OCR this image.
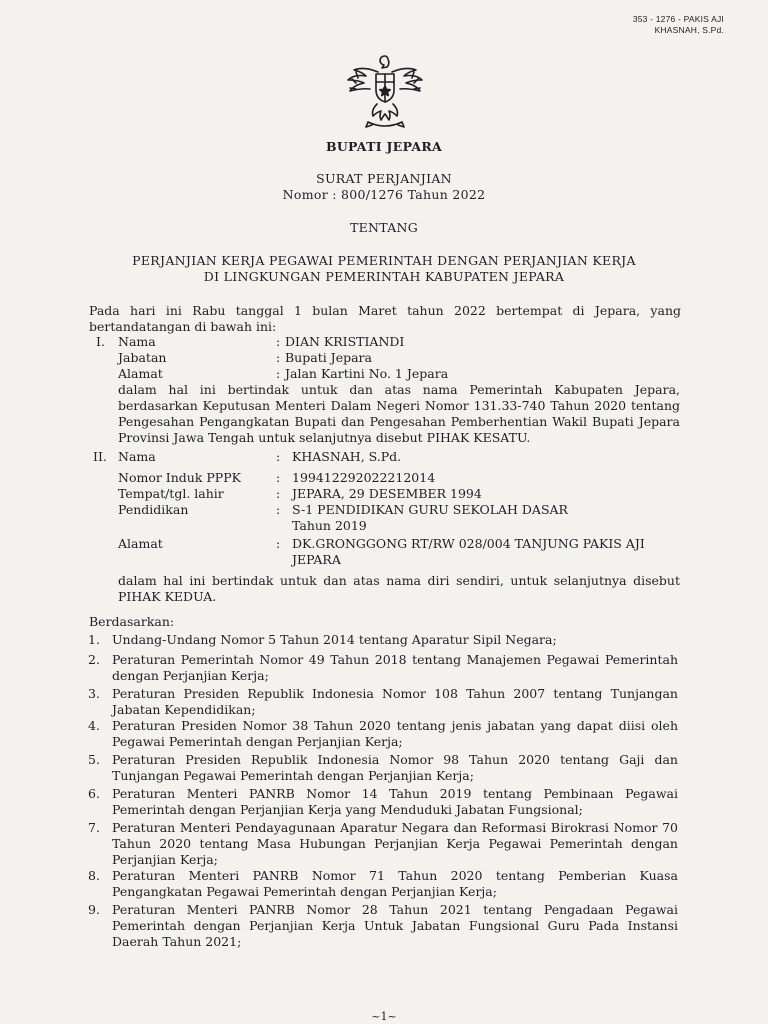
353 - 1276 - PAKIS AJI
KHASNAH, S.Pd.
BUPATI JEPARA
SURAT PERJANJIAN
Nomor : 800/1276 Tahun 2022
TENTANG
PERJANJIAN KERJA PEGAWAI PEMERINTAH DENGAN PERJANJIAN KERJA
DI LINGKUNGAN PEMERINTAH KABUPATEN JEPARA
Pada hari ini Rabu tanggal 1 bulan Maret tahun 2022 bertempat di Jepara, yang bertandatangan di bawah ini:
I. Nama	: DIAN KRISTIANDI
Jabatan	: Bupati Jepara
Alamat	: Jalan Kartini No. 1 Jepara
dalam hal ini bertindak untuk dan atas nama Pemerintah Kabupaten Jepara, berdasarkan Keputusan Menteri Dalam Negeri Nomor 131.33-740 Tahun 2020 tentang Pengesahan Pengangkatan Bupati dan Pengesahan Pemberhentian Wakil Bupati Jepara Provinsi Jawa Tengah untuk selanjutnya disebut PIHAK KESATU.
II. Nama	: KHASNAH, S.Pd.
Nomor Induk PPPK	: 199412292022212014
Tempat/tgl. lahir	: JEPARA, 29 DESEMBER 1994
Pendidikan	: S-1 PENDIDIKAN GURU SEKOLAH DASAR
Tahun 2019
Alamat	: DK.GRONGGONG RT/RW 028/004 TANJUNG PAKIS AJI
JEPARA
dalam hal ini bertindak untuk dan atas nama diri sendiri, untuk selanjutnya disebut PIHAK KEDUA.
Berdasarkan:
1. Undang-Undang Nomor 5 Tahun 2014 tentang Aparatur Sipil Negara;
2. Peraturan Pemerintah Nomor 49 Tahun 2018 tentang Manajemen Pegawai Pemerintah dengan Perjanjian Kerja;
3. Peraturan Presiden Republik Indonesia Nomor 108 Tahun 2007 tentang Tunjangan Jabatan Kependidikan;
4. Peraturan Presiden Nomor 38 Tahun 2020 tentang jenis jabatan yang dapat diisi oleh Pegawai Pemerintah dengan Perjanjian Kerja;
5. Peraturan Presiden Republik Indonesia Nomor 98 Tahun 2020 tentang Gaji dan Tunjangan Pegawai Pemerintah dengan Perjanjian Kerja;
6. Peraturan Menteri PANRB Nomor 14 Tahun 2019 tentang Pembinaan Pegawai Pemerintah dengan Perjanjian Kerja yang Menduduki Jabatan Fungsional;
7. Peraturan Menteri Pendayagunaan Aparatur Negara dan Reformasi Birokrasi Nomor 70 Tahun 2020 tentang Masa Hubungan Perjanjian Kerja Pegawai Pemerintah dengan Perjanjian Kerja;
8. Peraturan Menteri PANRB Nomor 71 Tahun 2020 tentang Pemberian Kuasa Pengangkatan Pegawai Pemerintah dengan Perjanjian Kerja;
9. Peraturan Menteri PANRB Nomor 28 Tahun 2021 tentang Pengadaan Pegawai Pemerintah dengan Perjanjian Kerja Untuk Jabatan Fungsional Guru Pada Instansi Daerah Tahun 2021;
~1~
